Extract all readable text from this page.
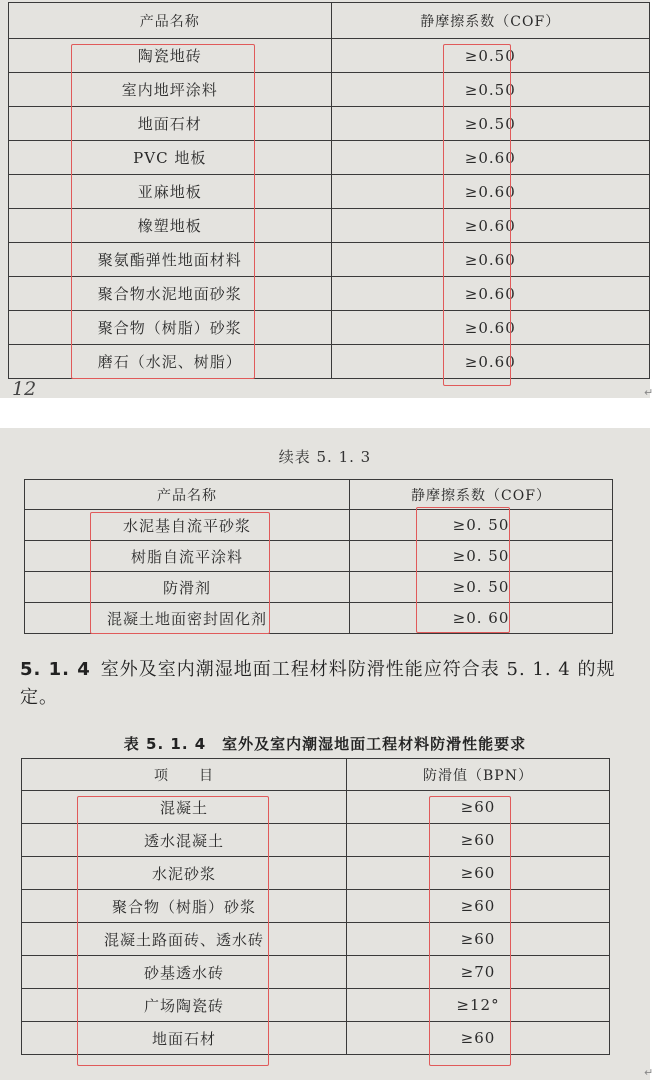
产品名称	静摩擦系数（COF）
陶瓷地砖	≥0.50
室内地坪涂料	≥0.50
地面石材	≥0.50
PVC 地板	≥0.60
亚麻地板	≥0.60
橡塑地板	≥0.60
聚氨酯弹性地面材料	≥0.60
聚合物水泥地面砂浆	≥0.60
聚合物（树脂）砂浆	≥0.60
磨石（水泥、树脂）	≥0.60
12	↵
续表 5. 1. 3
产品名称	静摩擦系数（COF）
水泥基自流平砂浆	≥0. 50
树脂自流平涂料	≥0. 50
防滑剂	≥0. 50
混凝土地面密封固化剂	≥0. 60
5. 1. 4 室外及室内潮湿地面工程材料防滑性能应符合表 5. 1. 4 的规定。
表 5. 1. 4　室外及室内潮湿地面工程材料防滑性能要求
项　　目	防滑值（BPN）
混凝土	≥60
透水混凝土	≥60
水泥砂浆	≥60
聚合物（树脂）砂浆	≥60
混凝土路面砖、透水砖	≥60
砂基透水砖	≥70
广场陶瓷砖	≥12°
地面石材	≥60
↵
